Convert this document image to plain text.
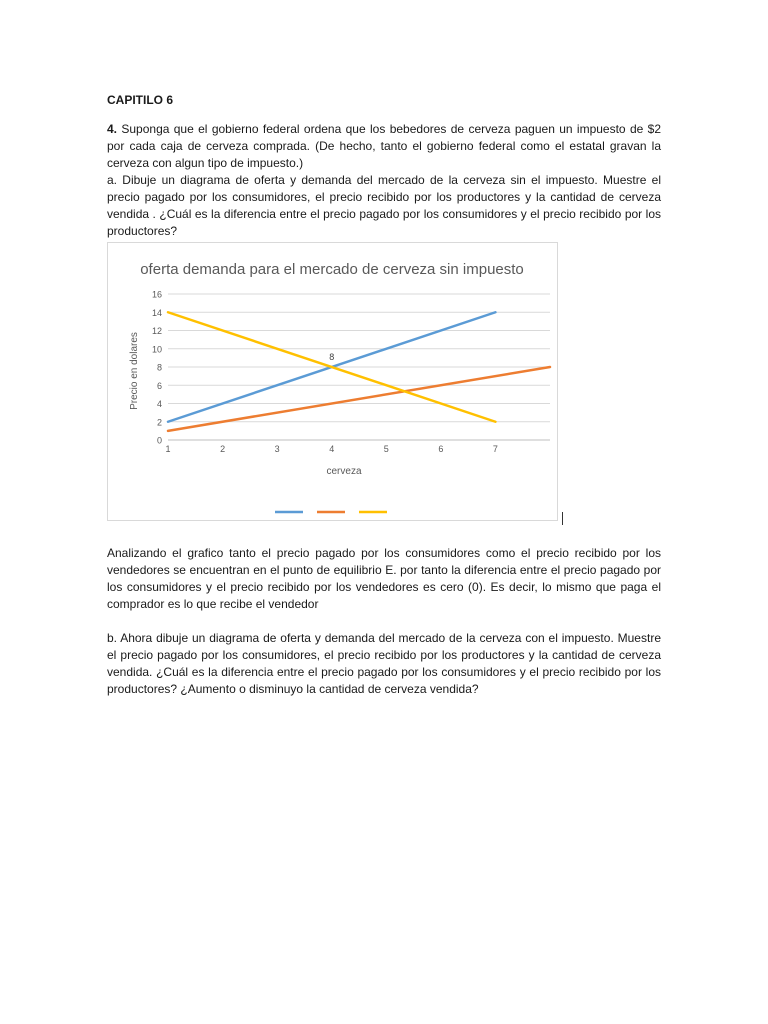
CAPITILO 6
4. Suponga que el gobierno federal ordena que los bebedores de cerveza paguen un impuesto de $2 por cada caja de cerveza comprada. (De hecho, tanto el gobierno federal como el estatal gravan la cerveza con algun tipo de impuesto.)
a. Dibuje un diagrama de oferta y demanda del mercado de la cerveza sin el impuesto. Muestre el precio pagado por los consumidores, el precio recibido por los productores y la cantidad de cerveza vendida . ¿Cuál es la diferencia entre el precio pagado por los consumidores y el precio recibido por los productores?
oferta demanda para el mercado de cerveza sin impuesto
0
2
4
6
8
10
12
14
16
1	2	3	4	5	6	7
8
Precio en dolares
cerveza
Analizando el grafico tanto el precio pagado por los consumidores como el precio recibido por los vendedores se encuentran en el punto de equilibrio E. por tanto la diferencia entre el precio pagado por los consumidores y el precio recibido por los vendedores es cero (0). Es decir, lo mismo que paga el comprador es lo que recibe el vendedor
b. Ahora dibuje un diagrama de oferta y demanda del mercado de la cerveza con el impuesto. Muestre el precio pagado por los consumidores, el precio recibido por los productores y la cantidad de cerveza vendida. ¿Cuál es la diferencia entre el precio pagado por los consumidores y el precio recibido por los productores? ¿Aumento o disminuyo la cantidad de cerveza vendida?
